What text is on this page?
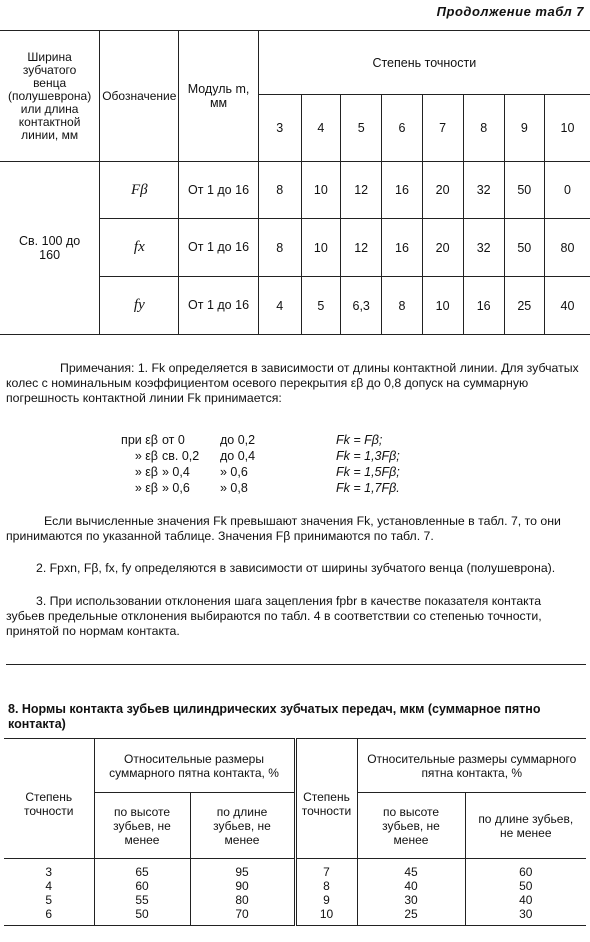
Продолжение табл 7
Ширина зубчатого венца (полушеврона) или длина контактной линии, мм	Обозначение	Модуль m, мм	Степень точности							
			3	4	5	6	7	8	9	10
Св. 100 до 160	Fβ	От 1 до 16	8	10	12	16	20	32	50	0
	fx	От 1 до 16	8	10	12	16	20	32	50	80
	fy	От 1 до 16	4	5	6,3	8	10	16	25	40
Примечания: 1. Fk определяется в зависимости от длины контактной линии. Для зубчатых колес с номинальным коэффициентом осевого перекрытия εβ до 0,8 допуск на суммарную погрешность контактной линии Fk принимается:
при εβ от 0	до 0,2	Fk = Fβ;
» εβ св. 0,2	до 0,4	Fk = 1,3Fβ;
» εβ » 0,4	» 0,6	Fk = 1,5Fβ;
» εβ » 0,6	» 0,8	Fk = 1,7Fβ.
Если вычисленные значения Fk превышают значения Fk, установленные в табл. 7, то они принимаются по указанной таблице. Значения Fβ принимаются по табл. 7.
2. Fpxn, Fβ, fx, fy определяются в зависимости от ширины зубчатого венца (полушеврона).
3. При использовании отклонения шага зацепления fpbr в качестве показателя контакта зубьев предельные отклонения выбираются по табл. 4 в соответствии со степенью точности, принятой по нормам контакта.
8. Нормы контакта зубьев цилиндрических зубчатых передач, мкм (суммарное пятно контакта)
Степень точности	Относительные размеры суммарного пятна контакта, %		Степень точности	Относительные размеры суммарного пятна контакта, %	
	по высоте зубьев, не менее	по длине зубьев, не менее		по высоте зубьев, не менее	по длине зубьев, не менее
3	65	95	7	45	60
4	60	90	8	40	50
5	55	80	9	30	40
6	50	70	10	25	30
